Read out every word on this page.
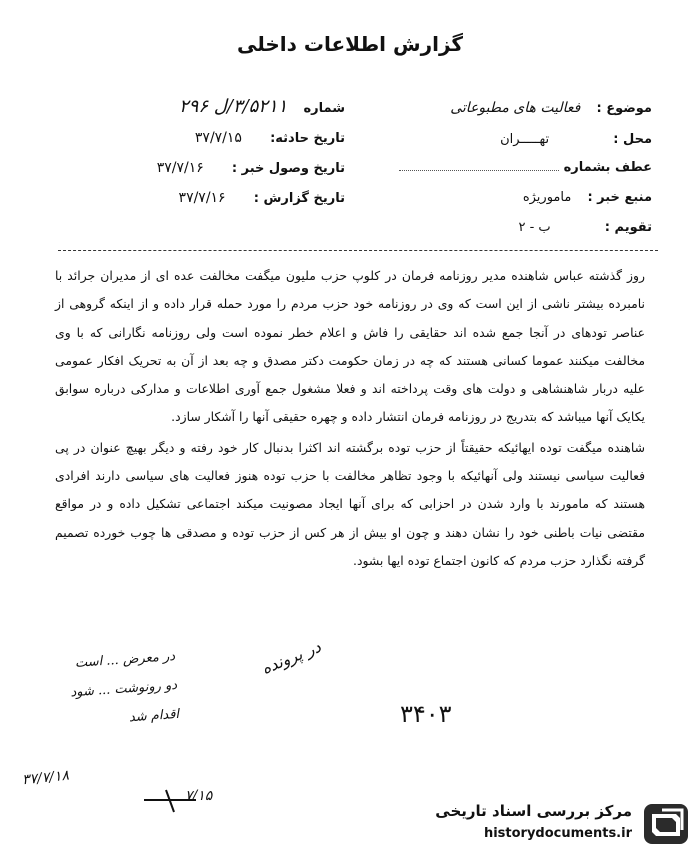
گزارش اطلاعات داخلی
موضوع : فعالیت های مطبوعاتی
محل : تهـــــران
عطف بشماره
منبع خبر : ماموریژه
تقویم : ب - ۲
شماره ۳/۵۲۱۱/ل ۲۹۶
تاریخ حادثه: ۳۷/۷/۱۵
تاریخ وصول خبر : ۳۷/۷/۱۶
تاریخ گزارش : ۳۷/۷/۱۶

روز گذشته عباس شاهنده مدیر روزنامه فرمان در کلوپ حزب ملیون میگفت مخالفت عده ای از مدیران جرائد با نامبرده بیشتر ناشی از این است که وی در روزنامه خود حزب مردم را مورد حمله قرار داده و از اینکه گروهی از عناصر تودهای در آنجا جمع شده اند حقایقی را فاش و اعلام خطر نموده است ولی روزنامه نگارانی که با وی مخالفت میکنند عموما کسانی هستند که چه در زمان حکومت دکتر مصدق و چه بعد از آن به تحریک افکار عمومی علیه دربار شاهنشاهی و دولت های وقت پرداخته اند و فعلا مشغول جمع آوری اطلاعات و مدارکی درباره سوابق یکایک آنها میباشد که بتدریج در روزنامه فرمان انتشار داده و چهره حقیقی آنها را آشکار سازد.

شاهنده میگفت توده ایهائیکه حقیقتاً از حزب توده برگشته اند اکثرا بدنبال کار خود رفته و دیگر بهیچ عنوان در پی فعالیت سیاسی نیستند ولی آنهائیکه با وجود تظاهر مخالفت با حزب توده هنوز فعالیت های سیاسی دارند افرادی هستند که مامورند با وارد شدن در احزابی که برای آنها ایجاد مصونیت میکند اجتماعی تشکیل داده و در مواقع مقتضی نیات باطنی خود را نشان دهند و چون او بیش از هر کس از حزب توده و مصدقی ها چوب خورده تصمیم گرفته نگذارد حزب مردم که کانون اجتماع توده ایها بشود.

در معرض ... است
دو رونوشت ... شود
اقدام شد
۳۷/۷/۱۸
۷/۱۵
در پرونده
۳۴۰۳
مرکز بررسی اسناد تاریخی
historydocuments.ir
